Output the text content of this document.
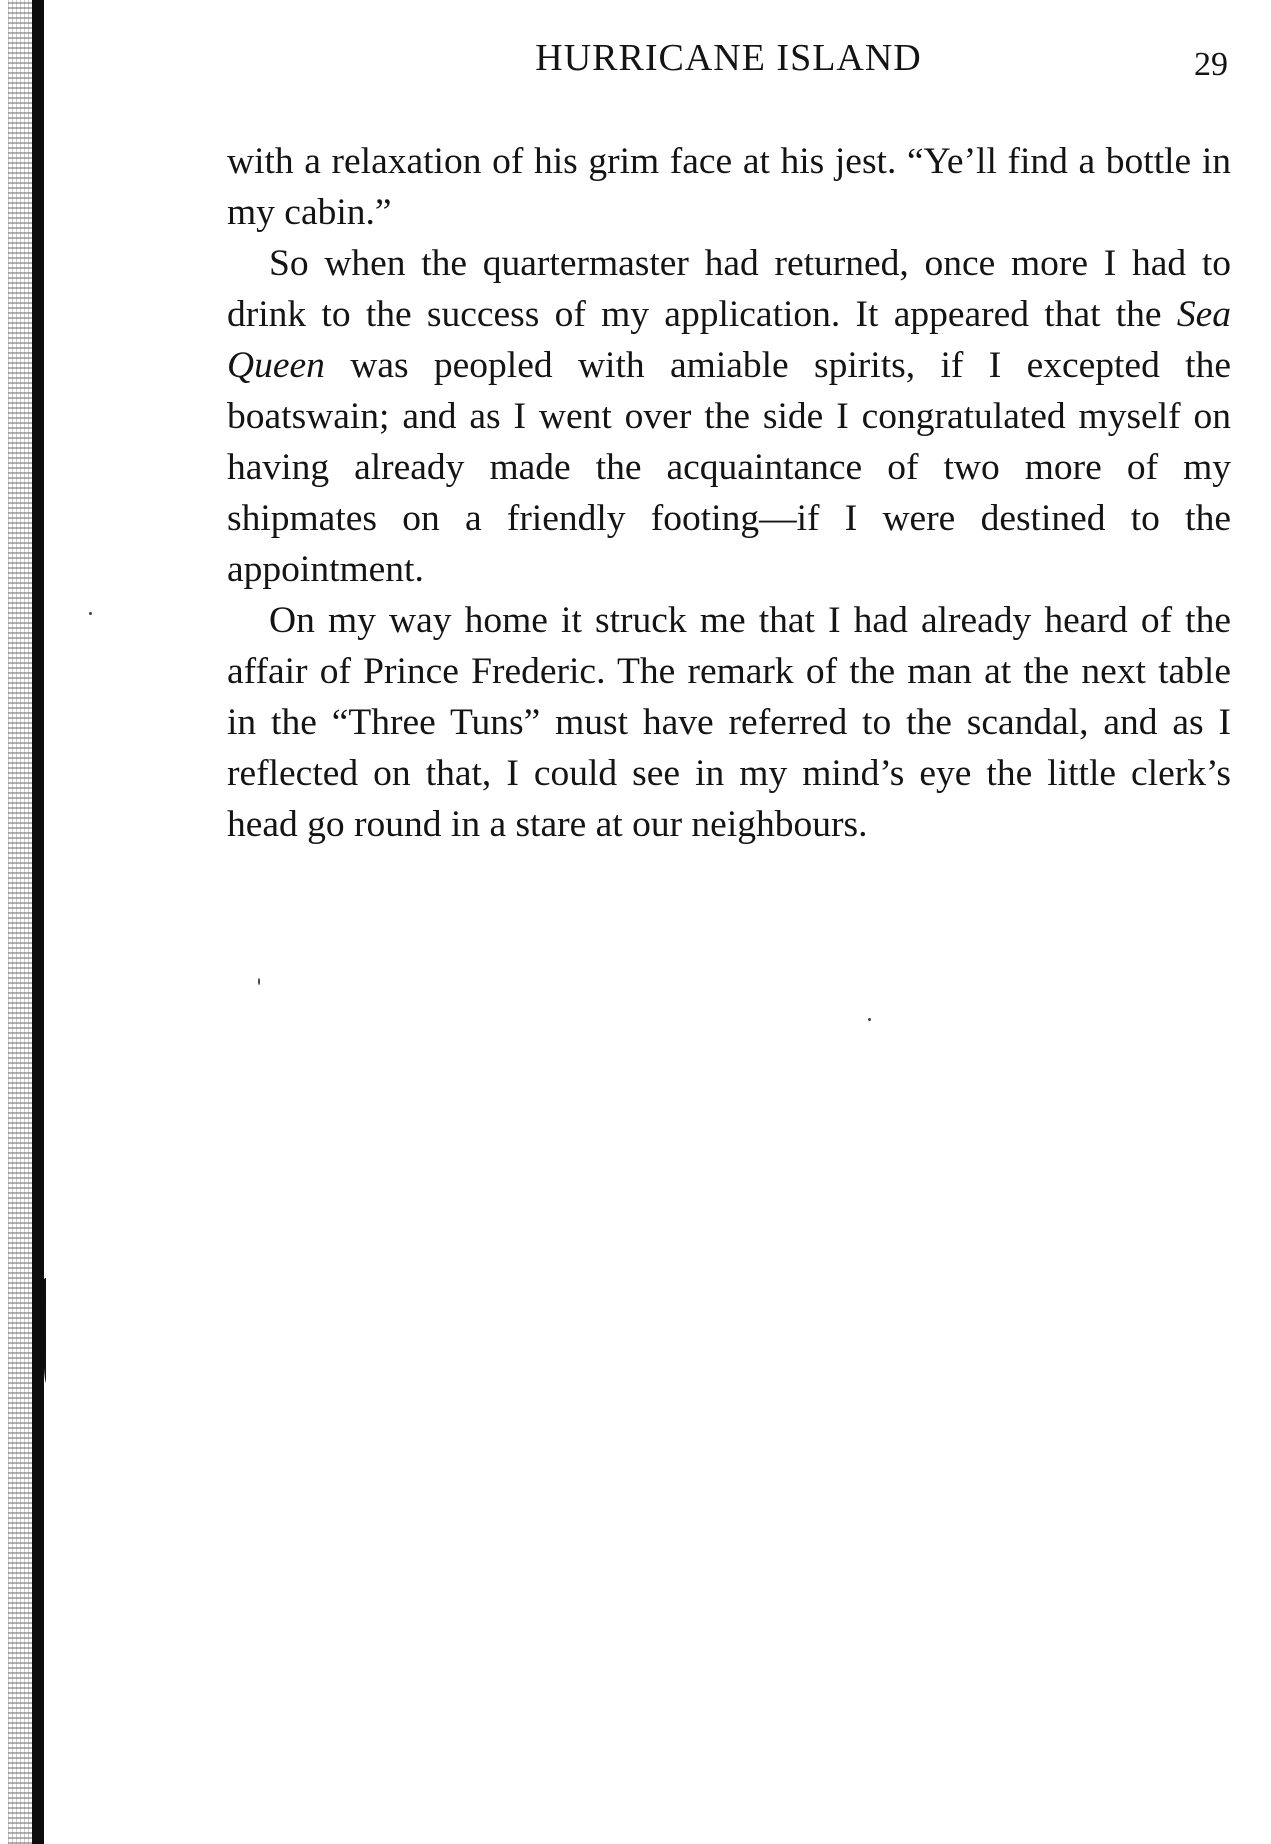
HURRICANE ISLAND	29

with a relaxation of his grim face at his jest. “Ye’ll find a bottle in my cabin.”

So when the quartermaster had returned, once more I had to drink to the success of my application. It appeared that the Sea Queen was peopled with amiable spirits, if I excepted the boatswain; and as I went over the side I congratulated myself on having already made the acquaintance of two more of my shipmates on a friendly footing—if I were destined to the appointment.

On my way home it struck me that I had already heard of the affair of Prince Frederic. The remark of the man at the next table in the “Three Tuns” must have referred to the scandal, and as I reflected on that, I could see in my mind’s eye the little clerk’s head go round in a stare at our neighbours.
